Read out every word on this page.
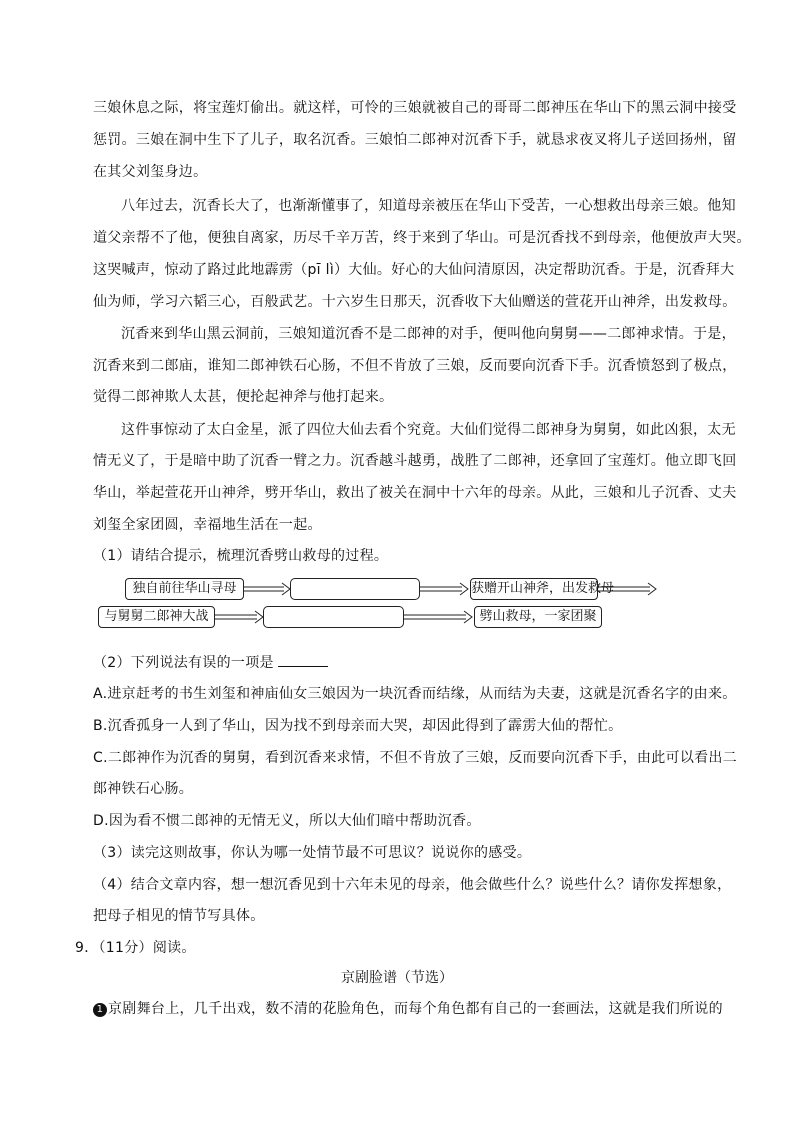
三娘休息之际，将宝莲灯偷出。就这样，可怜的三娘就被自己的哥哥二郎神压在华山下的黑云洞中接受
惩罚。三娘在洞中生下了儿子，取名沉香。三娘怕二郎神对沉香下手，就恳求夜叉将儿子送回扬州，留
在其父刘玺身边。
八年过去，沉香长大了，也渐渐懂事了，知道母亲被压在华山下受苦，一心想救出母亲三娘。他知
道父亲帮不了他，便独自离家，历尽千辛万苦，终于来到了华山。可是沉香找不到母亲，他便放声大哭。
这哭喊声，惊动了路过此地霹雳（pī lì）大仙。好心的大仙问清原因，决定帮助沉香。于是，沉香拜大
仙为师，学习六韬三心，百般武艺。十六岁生日那天，沉香收下大仙赠送的萱花开山神斧，出发救母。
沉香来到华山黑云洞前，三娘知道沉香不是二郎神的对手，便叫他向舅舅——二郎神求情。于是，
沉香来到二郎庙，谁知二郎神铁石心肠，不但不肯放了三娘，反而要向沉香下手。沉香愤怒到了极点，
觉得二郎神欺人太甚，便抡起神斧与他打起来。
这件事惊动了太白金星，派了四位大仙去看个究竟。大仙们觉得二郎神身为舅舅，如此凶狠，太无
情无义了，于是暗中助了沉香一臂之力。沉香越斗越勇，战胜了二郎神，还拿回了宝莲灯。他立即飞回
华山，举起萱花开山神斧，劈开华山，救出了被关在洞中十六年的母亲。从此，三娘和儿子沉香、丈夫
刘玺全家团圆，幸福地生活在一起。
（1）请结合提示，梳理沉香劈山救母的过程。
独自前往华山寻母	获赠开山神斧，出发救母
与舅舅二郎神大战	劈山救母，一家团聚
（2）下列说法有误的一项是
A.进京赶考的书生刘玺和神庙仙女三娘因为一块沉香而结缘，从而结为夫妻，这就是沉香名字的由来。
B.沉香孤身一人到了华山，因为找不到母亲而大哭，却因此得到了霹雳大仙的帮忙。
C.二郎神作为沉香的舅舅，看到沉香来求情，不但不肯放了三娘，反而要向沉香下手，由此可以看出二
郎神铁石心肠。
D.因为看不惯二郎神的无情无义，所以大仙们暗中帮助沉香。
（3）读完这则故事，你认为哪一处情节最不可思议？说说你的感受。
（4）结合文章内容，想一想沉香见到十六年未见的母亲，他会做些什么？说些什么？请你发挥想象，
把母子相见的情节写具体。
9．（11分）阅读。
京剧脸谱（节选）
1 京剧舞台上，几千出戏，数不清的花脸角色，而每个角色都有自己的一套画法，这就是我们所说的
